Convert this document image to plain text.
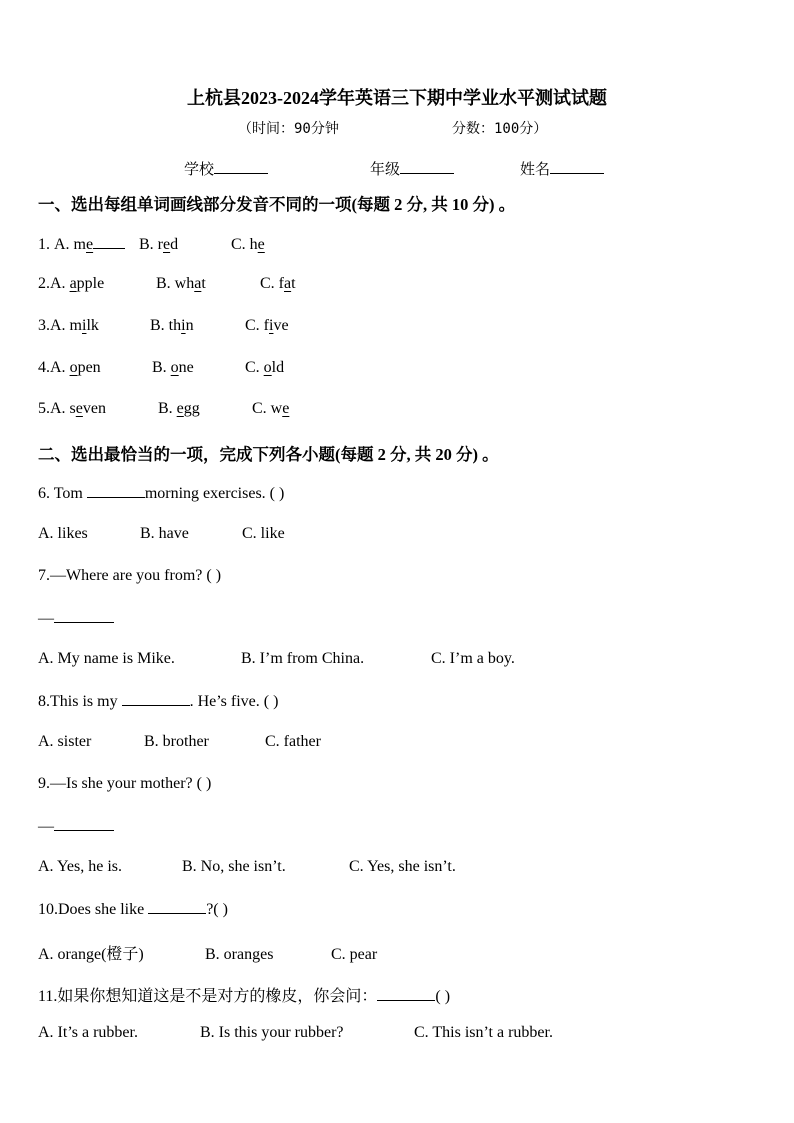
上杭县2023-2024学年英语三下期中学业水平测试试题
（时间：90分钟	分数：100分）
学校	年级	姓名
一、选出每组单词画线部分发音不同的一项(每题 2 分, 共 10 分) 。
1. A. me	B. red	C. he
2.A. apple	B. what	C. fat
3.A. milk	B. thin	C. five
4.A. open	B. one	C. old
5.A. seven	B. egg	C. we
二、选出最恰当的一项，完成下列各小题(每题 2 分, 共 20 分) 。
6. Tom	morning exercises. ( )
A. likes	B. have	C. like
7.—Where are you from? ( )
—
A. My name is Mike.	B. I’m from China.	C. I’m a boy.
8.This is my	. He’s five. ( )
A. sister	B. brother	C. father
9.—Is she your mother? ( )
—
A. Yes, he is.	B. No, she isn’t.	C. Yes, she isn’t.
10.Does she like	?( )
A. orange(橙子)	B. oranges	C. pear
11.如果你想知道这是不是对方的橡皮，你会问：	( )
A. It’s a rubber.	B. Is this your rubber?	C. This isn’t a rubber.
